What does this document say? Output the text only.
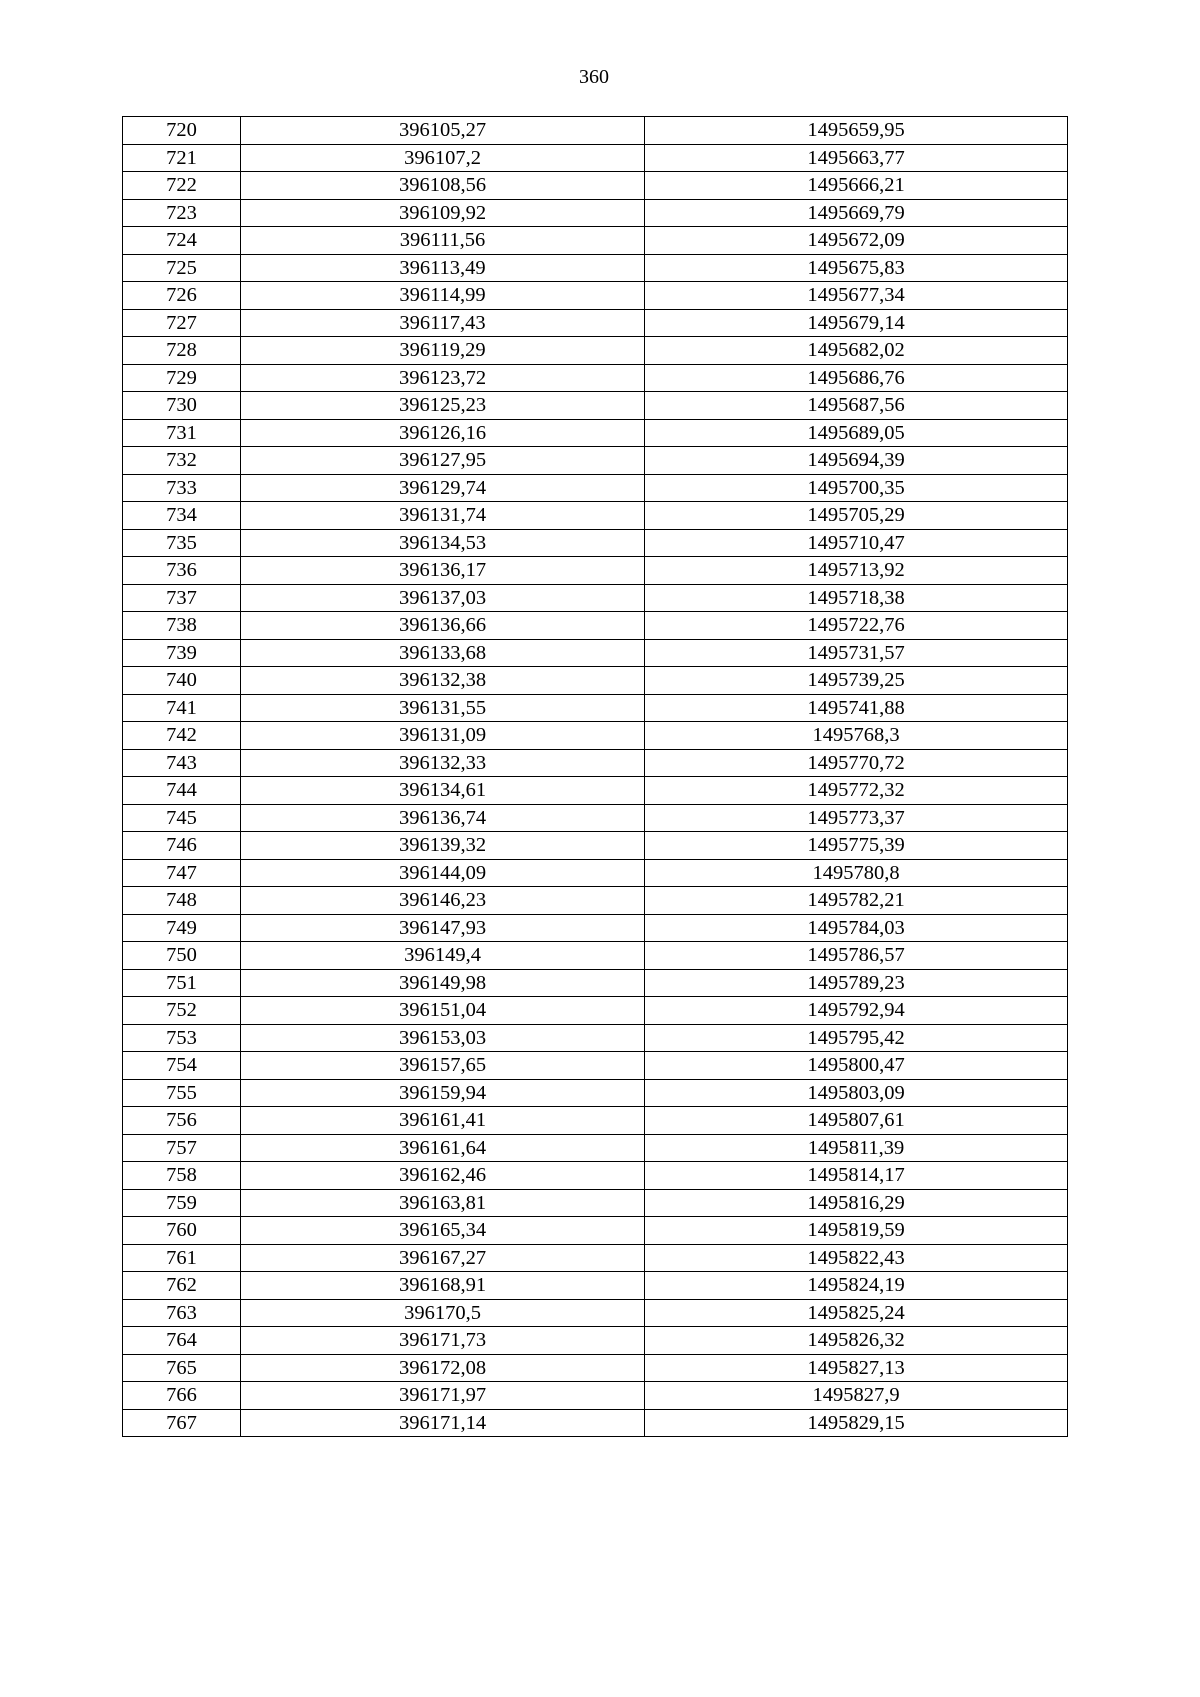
360
720	396105,27	1495659,95
721	396107,2	1495663,77
722	396108,56	1495666,21
723	396109,92	1495669,79
724	396111,56	1495672,09
725	396113,49	1495675,83
726	396114,99	1495677,34
727	396117,43	1495679,14
728	396119,29	1495682,02
729	396123,72	1495686,76
730	396125,23	1495687,56
731	396126,16	1495689,05
732	396127,95	1495694,39
733	396129,74	1495700,35
734	396131,74	1495705,29
735	396134,53	1495710,47
736	396136,17	1495713,92
737	396137,03	1495718,38
738	396136,66	1495722,76
739	396133,68	1495731,57
740	396132,38	1495739,25
741	396131,55	1495741,88
742	396131,09	1495768,3
743	396132,33	1495770,72
744	396134,61	1495772,32
745	396136,74	1495773,37
746	396139,32	1495775,39
747	396144,09	1495780,8
748	396146,23	1495782,21
749	396147,93	1495784,03
750	396149,4	1495786,57
751	396149,98	1495789,23
752	396151,04	1495792,94
753	396153,03	1495795,42
754	396157,65	1495800,47
755	396159,94	1495803,09
756	396161,41	1495807,61
757	396161,64	1495811,39
758	396162,46	1495814,17
759	396163,81	1495816,29
760	396165,34	1495819,59
761	396167,27	1495822,43
762	396168,91	1495824,19
763	396170,5	1495825,24
764	396171,73	1495826,32
765	396172,08	1495827,13
766	396171,97	1495827,9
767	396171,14	1495829,15
